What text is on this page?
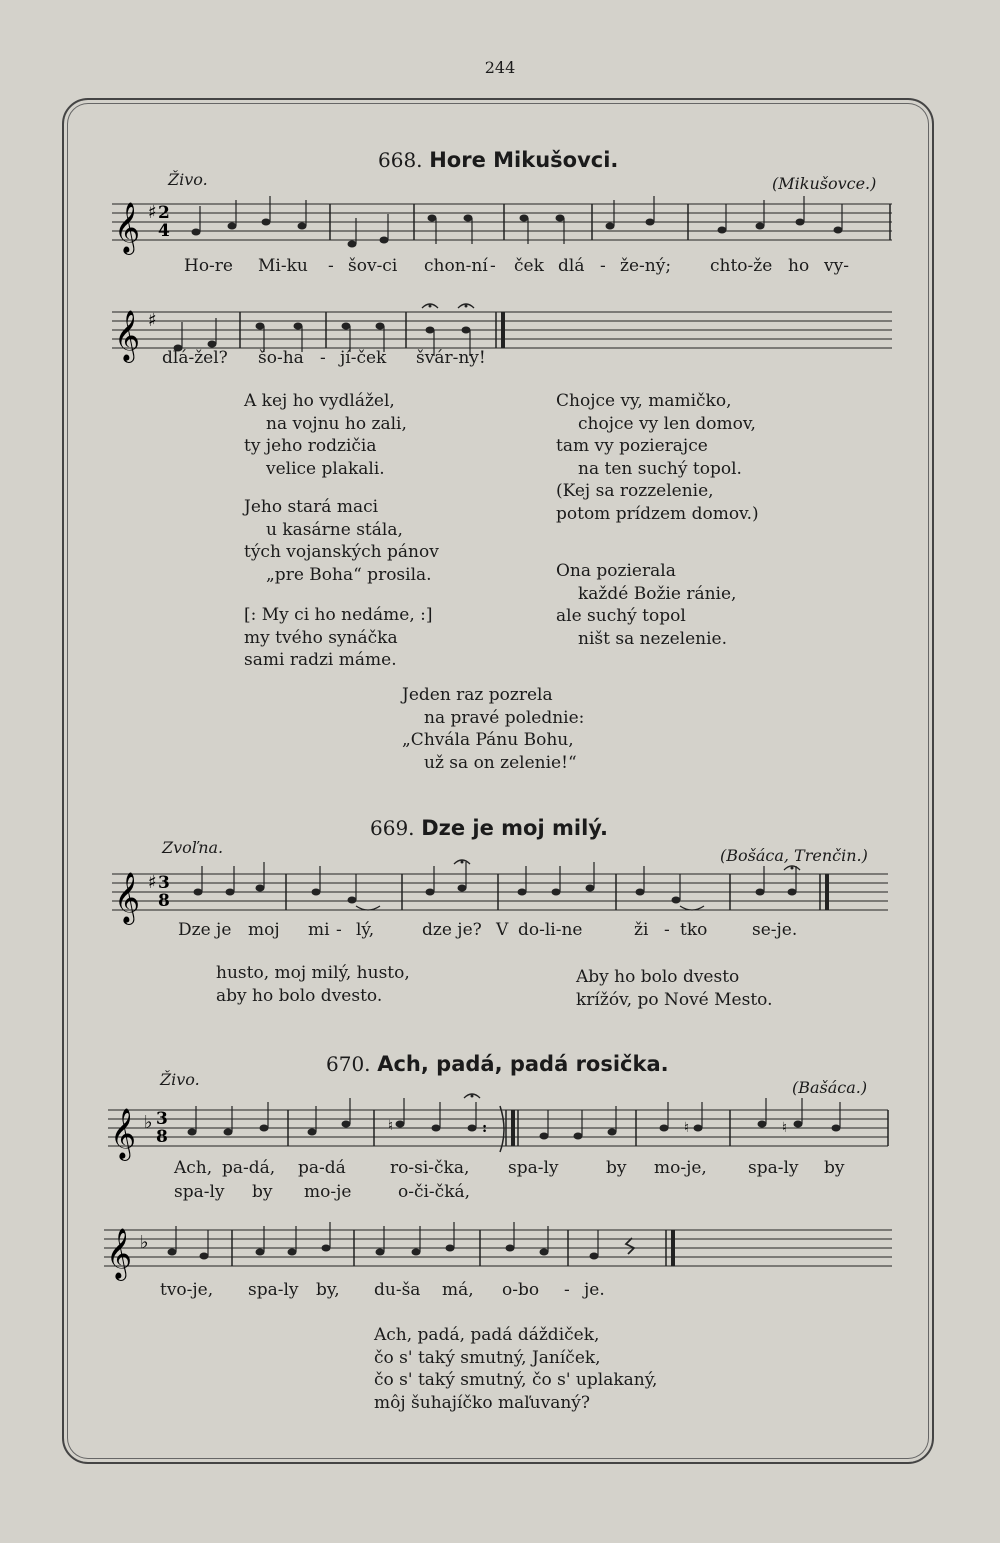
244
668. Hore Mikušovci.
Živo.	(Mikušovce.)
𝄞 ♯ 2
4
Ho-re Mi-ku - šov-ci chon-ní - ček dlá - že-ný; chto-že ho vy-
𝄞 ♯
dlá-žel? šo-ha - jí-ček švár-ny!
A kej ho vydlážel,
na vojnu ho zali,
ty jeho rodzičia
velice plakali.
Jeho stará maci
u kasárne stála,
tých vojanských pánov
„pre Boha“ prosila.
[: My ci ho nedáme, :]
my tvého synáčka
sami radzi máme.
Chojce vy, mamičko,
chojce vy len domov,
tam vy pozierajce
na ten suchý topol.
(Kej sa rozzelenie,
potom prídzem domov.)
Ona pozierala
každé Božie ránie,
ale suchý topol
ništ sa nezelenie.
Jeden raz pozrela
na pravé polednie:
„Chvála Pánu Bohu,
už sa on zelenie!“
669. Dze je moj milý.
Zvoľna.	(Bošáca, Trenčin.)
𝄞 ♯ 3
8
Dze je moj mi - lý,	dze je? V do-li-ne	ži - tko	se-je.
husto, moj milý, husto,
aby ho bolo dvesto.
Aby ho bolo dvesto
krížóv, po Nové Mesto.
670. Ach, padá, padá rosička.
Živo.	(Bašáca.)
𝄞 ♭ 3
8
♮	♮	♮
:
Ach, pa-dá, pa-dá	ro-si-čka, spa-ly	by mo-je, spa-ly by
spa-ly by mo-je	o-či-čká,
𝄞 ♭
tvo-je, spa-ly by, du-ša má, o-bo - je.
Ach, padá, padá dáždiček,
čo s' taký smutný, Janíček,
čo s' taký smutný, čo s' uplakaný,
môj šuhajíčko maľuvaný?
